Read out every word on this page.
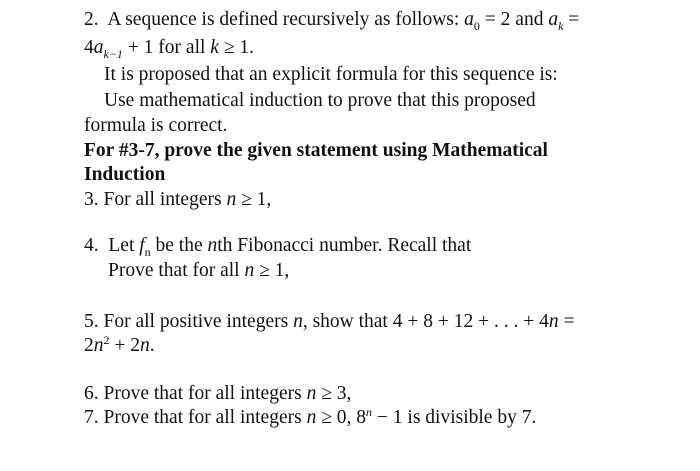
2. A sequence is defined recursively as follows: $a_0 = 2$ and $a_k$ =
$4a_{k-1} + 1$ for all k ≥ 1.
It is proposed that an explicit formula for this sequence is:
Use mathematical induction to prove that this proposed
formula is correct.
For #3-7, prove the given statement using Mathematical
Induction
3. For all integers n ≥ 1,
4. Let $f_n$ be the nth Fibonacci number. Recall that
Prove that for all n ≥ 1,
5. For all positive integers n, show that 4 + 8 + 12 + . . . + 4n =
$2n^2 + 2n$.
6. Prove that for all integers n ≥ 3,
7. Prove that for all integers n ≥ 0, $8^n - 1$ is divisible by 7.
